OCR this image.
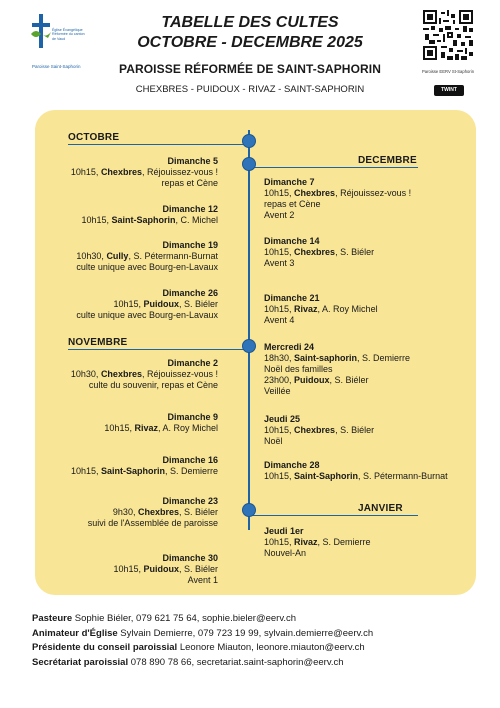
Église Évangélique Réformée du canton de Vaud
Paroisse Saint-Saphorin
TABELLE DES CULTES
OCTOBRE - DECEMBRE 2025
PAROISSE RÉFORMÉE DE SAINT-SAPHORIN
CHEXBRES - PUIDOUX - RIVAZ - SAINT-SAPHORIN
Paroisse EERV St-Saphorin
TWINT
OCTOBRE
DECEMBRE
NOVEMBRE
JANVIER
Dimanche 5
10h15, Chexbres, Réjouissez-vous !
repas et Cène
Dimanche 12
10h15, Saint-Saphorin, C. Michel
Dimanche 19
10h30, Cully, S. Pétermann-Burnat
culte unique avec Bourg-en-Lavaux
Dimanche 26
10h15, Puidoux, S. Biéler
culte unique avec Bourg-en-Lavaux
Dimanche 2
10h30, Chexbres, Réjouissez-vous !
culte du souvenir, repas et Cène
Dimanche 9
10h15, Rivaz, A. Roy Michel
Dimanche 16
10h15, Saint-Saphorin, S. Demierre
Dimanche 23
9h30, Chexbres, S. Biéler
suivi de l'Assemblée de paroisse
Dimanche 30
10h15, Puidoux, S. Biéler
Avent 1
Dimanche 7
10h15, Chexbres, Réjouissez-vous !
repas et Cène
Avent 2
Dimanche 14
10h15, Chexbres, S. Biéler
Avent 3
Dimanche 21
10h15, Rivaz, A. Roy Michel
Avent 4
Mercredi 24
18h30, Saint-saphorin, S. Demierre
Noël des familles
23h00, Puidoux, S. Biéler
Veillée
Jeudi 25
10h15, Chexbres, S. Biéler
Noël
Dimanche 28
10h15, Saint-Saphorin, S. Pétermann-Burnat
Jeudi 1er
10h15, Rivaz, S. Demierre
Nouvel-An
Pasteure Sophie Biéler, 079 621 75 64, sophie.bieler@eerv.ch
Animateur d'Église Sylvain Demierre, 079 723 19 99, sylvain.demierre@eerv.ch
Présidente du conseil paroissial Leonore Miauton, leonore.miauton@eerv.ch
Secrétariat paroissial 078 890 78 66, secretariat.saint-saphorin@eerv.ch
